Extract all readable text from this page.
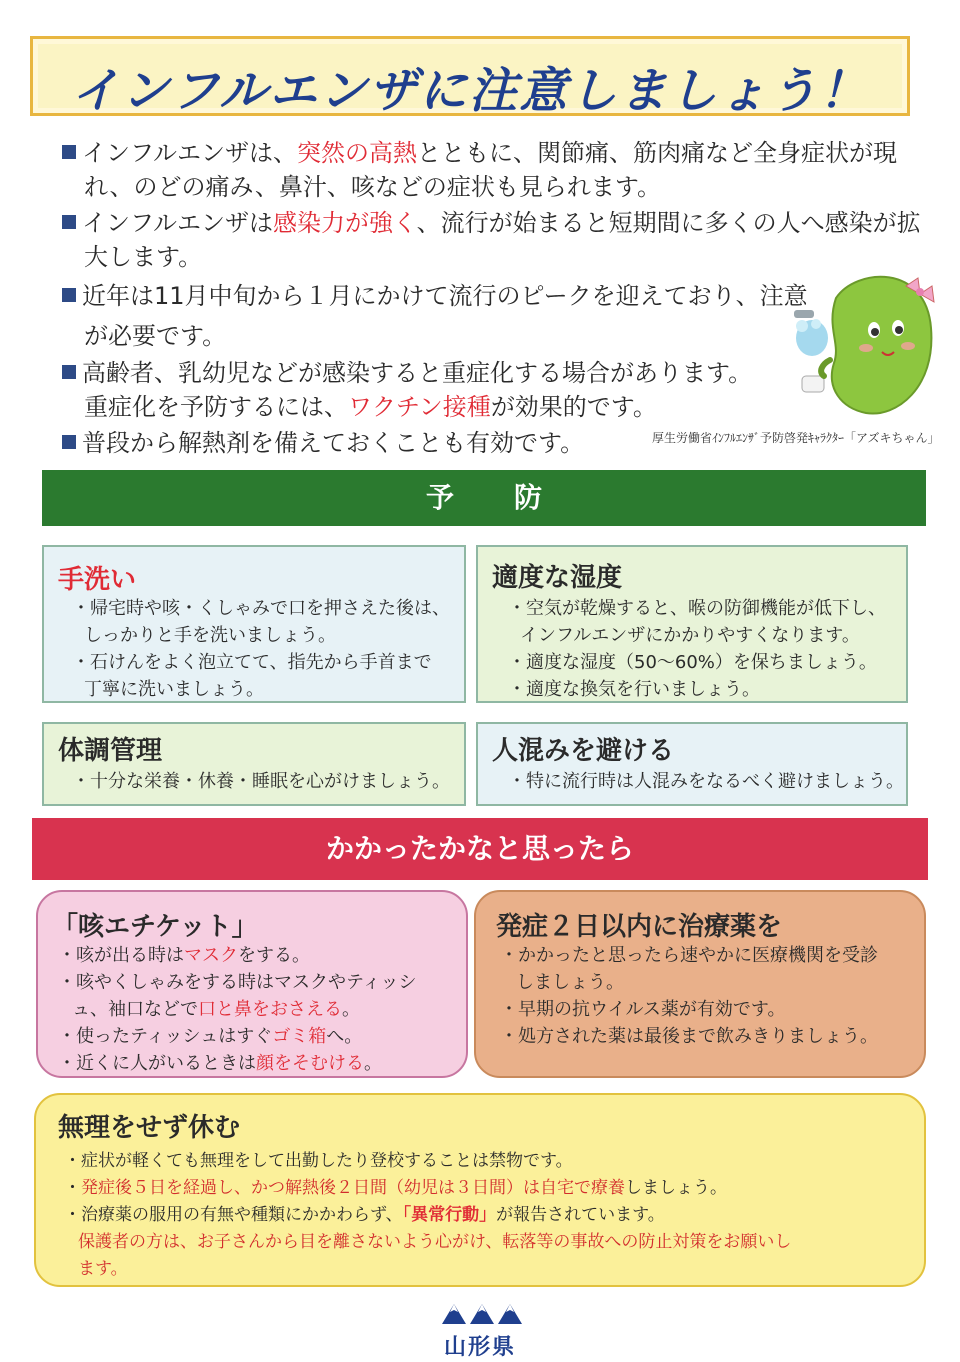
インフルエンザに注意しましょう！
インフルエンザは、突然の高熱とともに、関節痛、筋肉痛など全身症状が現
れ、のどの痛み、鼻汁、咳などの症状も見られます。
インフルエンザは感染力が強く、流行が始まると短期間に多くの人へ感染が拡
大します。
近年は11月中旬から１月にかけて流行のピークを迎えており、注意
が必要です。
高齢者、乳幼児などが感染すると重症化する場合があります。
重症化を予防するには、ワクチン接種が効果的です。
普段から解熱剤を備えておくことも有効です。	厚生労働省ｲﾝﾌﾙｴﾝｻﾞ予防啓発ｷｬﾗｸﾀｰ「アズキちゃん」
予防
手洗い
・帰宅時や咳・くしゃみで口を押さえた後は、
しっかりと手を洗いましょう。
・石けんをよく泡立てて、指先から手首まで
丁寧に洗いましょう。
適度な湿度
・空気が乾燥すると、喉の防御機能が低下し、
インフルエンザにかかりやすくなります。
・適度な湿度（50～60%）を保ちましょう。
・適度な換気を行いましょう。
体調管理
・十分な栄養・休養・睡眠を心がけましょう。
人混みを避ける
・特に流行時は人混みをなるべく避けましょう。
かかったかなと思ったら
「咳エチケット」
・咳が出る時はマスクをする。
・咳やくしゃみをする時はマスクやティッシ
ュ、袖口などで口と鼻をおさえる。
・使ったティッシュはすぐゴミ箱へ。
・近くに人がいるときは顔をそむける。
発症２日以内に治療薬を
・かかったと思ったら速やかに医療機関を受診
しましょう。
・早期の抗ウイルス薬が有効です。
・処方された薬は最後まで飲みきりましょう。
無理をせず休む
・症状が軽くても無理をして出勤したり登校することは禁物です。
・発症後５日を経過し、かつ解熱後２日間（幼児は３日間）は自宅で療養しましょう。
・治療薬の服用の有無や種類にかかわらず、「異常行動」が報告されています。
保護者の方は、お子さんから目を離さないよう心がけ、転落等の事故への防止対策をお願いし
ます。
山形県
